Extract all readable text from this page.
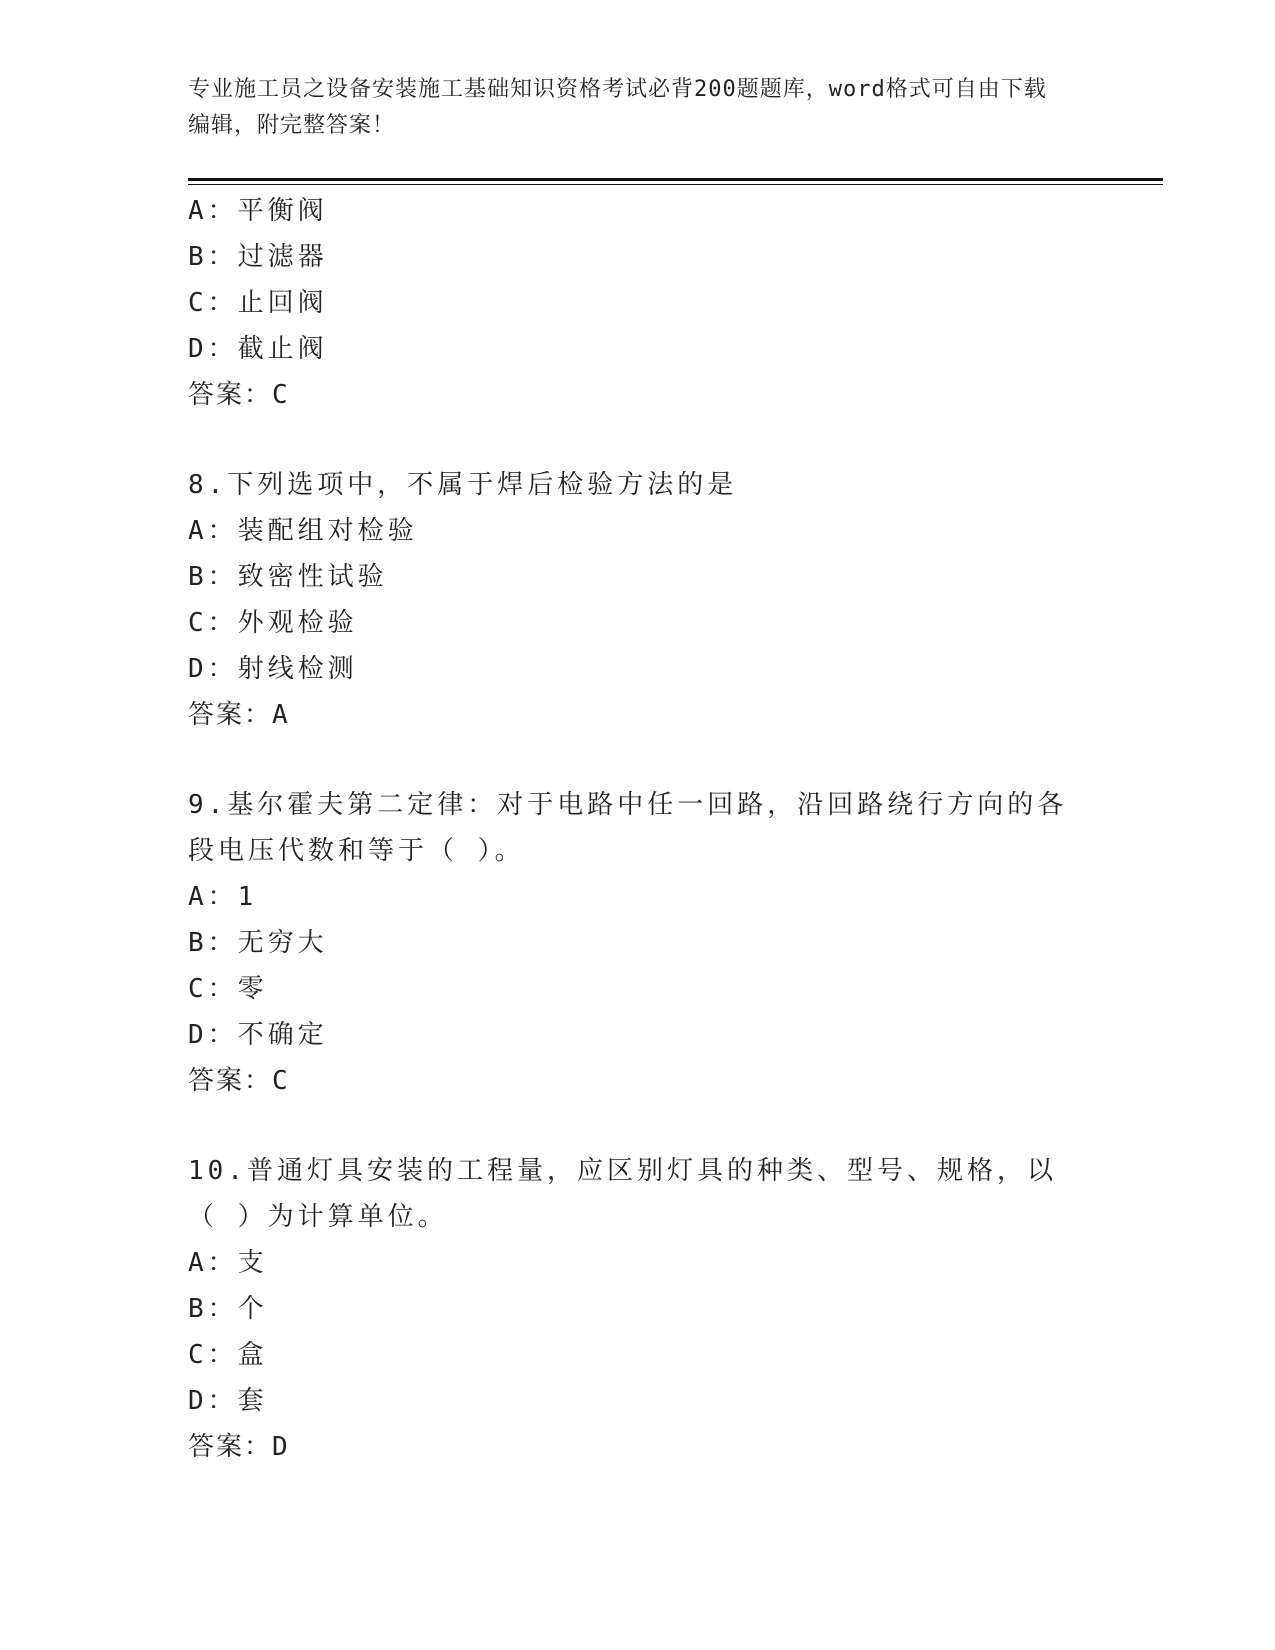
专业施工员之设备安装施工基础知识资格考试必背200题题库，word格式可自由下载编辑，附完整答案！
A：平衡阀
B：过滤器
C：止回阀
D：截止阀
答案：C
8.下列选项中，不属于焊后检验方法的是
A：装配组对检验
B：致密性试验
C：外观检验
D：射线检测
答案：A
9.基尔霍夫第二定律：对于电路中任一回路，沿回路绕行方向的各段电压代数和等于（ ）。
A：1
B：无穷大
C：零
D：不确定
答案：C
10.普通灯具安装的工程量，应区别灯具的种类、型号、规格，以（ ）为计算单位。
A：支
B：个
C：盒
D：套
答案：D
